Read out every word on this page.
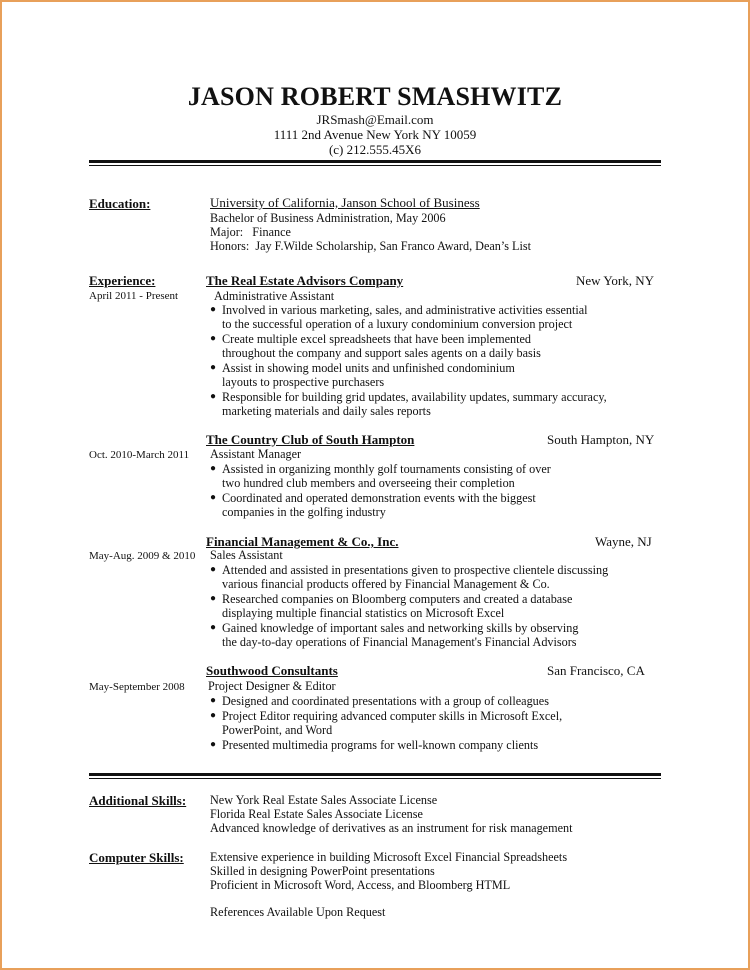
JASON ROBERT SMASHWITZ
JRSmash@Email.com
1111 2nd Avenue New York NY 10059
(c) 212.555.45X6
Education:	University of California, Janson School of Business
Bachelor of Business Administration, May 2006
Major:   Finance
Honors:  Jay F.Wilde Scholarship, San Franco Award, Dean’s List
Experience:	The Real Estate Advisors Company	New York, NY
April 2011 - Present	Administrative Assistant
● Involved in various marketing, sales, and administrative activities essential
to the successful operation of a luxury condominium conversion project
● Create multiple excel spreadsheets that have been implemented
throughout the company and support sales agents on a daily basis
● Assist in showing model units and unfinished condominium
layouts to prospective purchasers
● Responsible for building grid updates, availability updates, summary accuracy,
marketing materials and daily sales reports
The Country Club of South Hampton	South Hampton, NY
Oct. 2010-March 2011 Assistant Manager
● Assisted in organizing monthly golf tournaments consisting of over
two hundred club members and overseeing their completion
● Coordinated and operated demonstration events with the biggest
companies in the golfing industry
Financial Management & Co., Inc.	Wayne, NJ
May-Aug. 2009 & 2010 Sales Assistant
● Attended and assisted in presentations given to prospective clientele discussing
various financial products offered by Financial Management & Co.
● Researched companies on Bloomberg computers and created a database
displaying multiple financial statistics on Microsoft Excel
● Gained knowledge of important sales and networking skills by observing
the day-to-day operations of Financial Management's Financial Advisors
Southwood Consultants	San Francisco, CA
May-September 2008 Project Designer & Editor
● Designed and coordinated presentations with a group of colleagues
● Project Editor requiring advanced computer skills in Microsoft Excel,
PowerPoint, and Word
● Presented multimedia programs for well-known company clients
Additional Skills: New York Real Estate Sales Associate License
Florida Real Estate Sales Associate License
Advanced knowledge of derivatives as an instrument for risk management
Computer Skills: Extensive experience in building Microsoft Excel Financial Spreadsheets
Skilled in designing PowerPoint presentations
Proficient in Microsoft Word, Access, and Bloomberg HTML
References Available Upon Request
